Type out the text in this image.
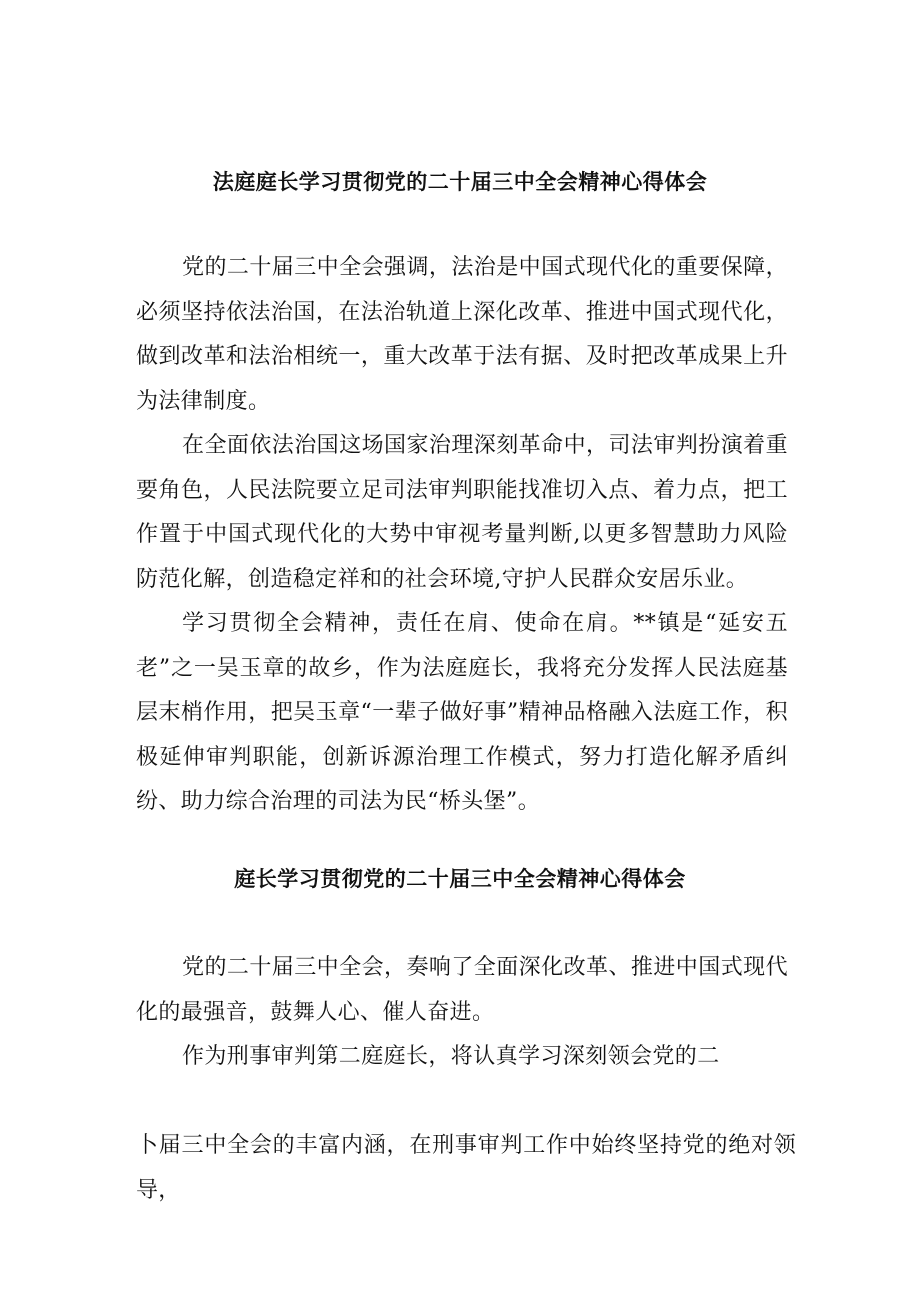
法庭庭长学习贯彻党的二十届三中全会精神心得体会

党的二十届三中全会强调，法治是中国式现代化的重要保障，必须坚持依法治国，在法治轨道上深化改革、推进中国式现代化，做到改革和法治相统一，重大改革于法有据、及时把改革成果上升为法律制度。

在全面依法治国这场国家治理深刻革命中，司法审判扮演着重要角色，人民法院要立足司法审判职能找准切入点、着力点，把工作置于中国式现代化的大势中审视考量判断,以更多智慧助力风险防范化解，创造稳定祥和的社会环境,守护人民群众安居乐业。

学习贯彻全会精神，责任在肩、使命在肩。**镇是“延安五老”之一吴玉章的故乡，作为法庭庭长，我将充分发挥人民法庭基层末梢作用，把吴玉章“一辈子做好事”精神品格融入法庭工作，积极延伸审判职能，创新诉源治理工作模式，努力打造化解矛盾纠纷、助力综合治理的司法为民“桥头堡”。

庭长学习贯彻党的二十届三中全会精神心得体会

党的二十届三中全会，奏响了全面深化改革、推进中国式现代化的最强音，鼓舞人心、催人奋进。

作为刑事审判第二庭庭长，将认真学习深刻领会党的二

卜届三中全会的丰富内涵，在刑事审判工作中始终坚持党的绝对领导，
